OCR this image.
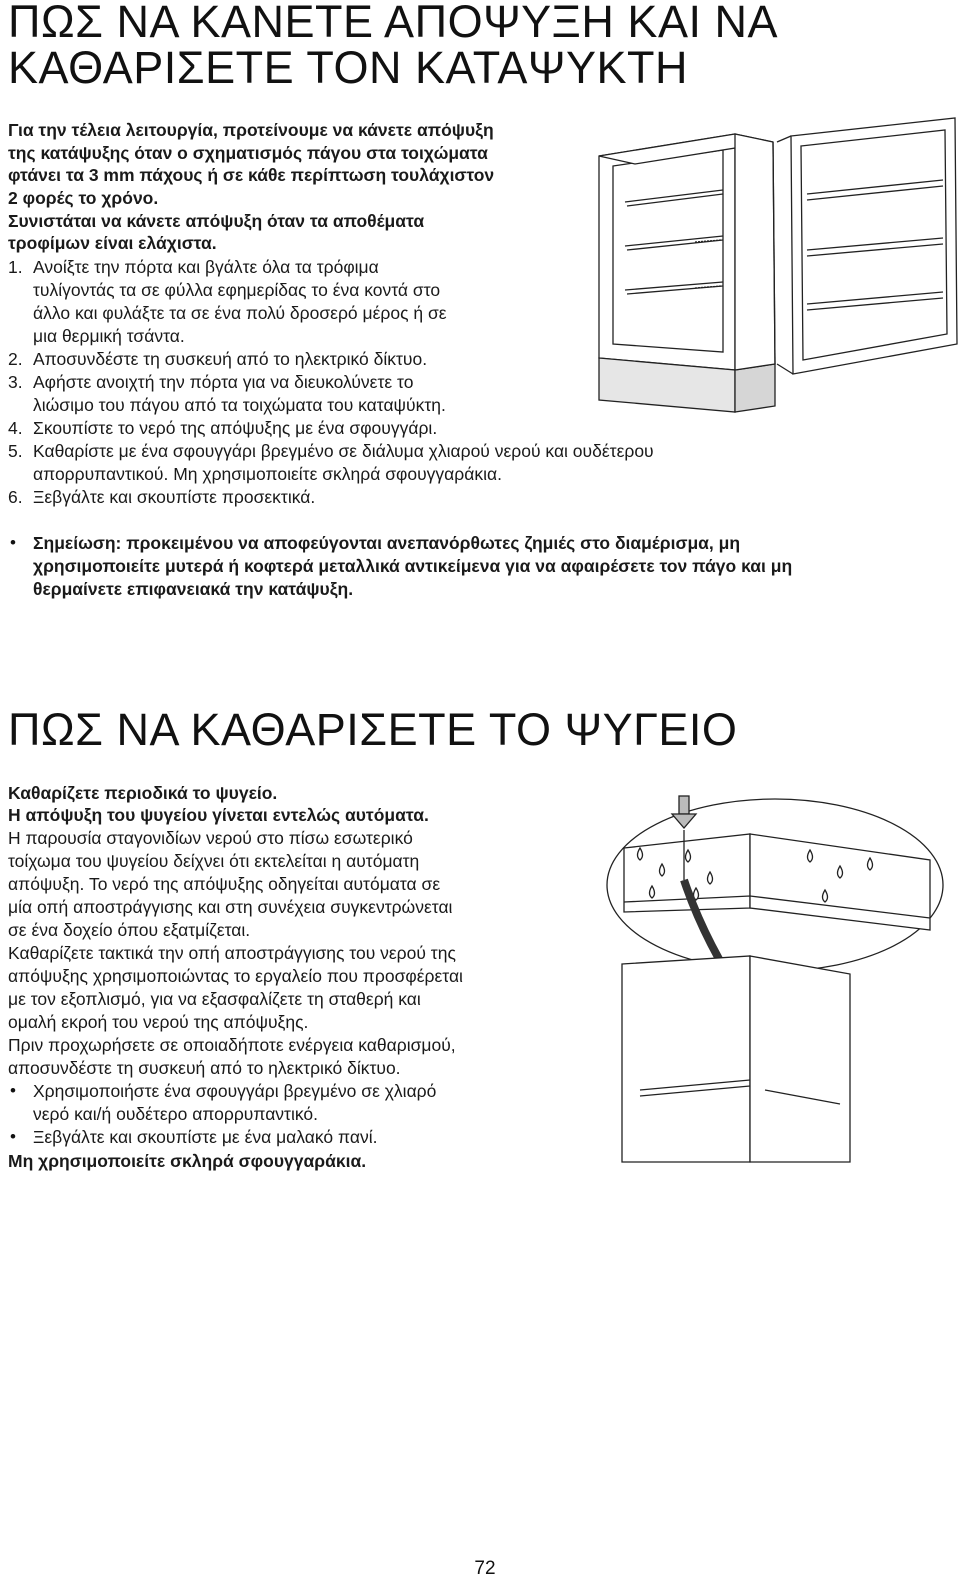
ΠΩΣ ΝΑ ΚΑΝΕΤΕ ΑΠΟΨΥΞΗ ΚΑΙ ΝΑ
ΚΑΘΑΡΙΣΕΤΕ ΤΟΝ ΚΑΤΑΨΥΚΤΗ
Για την τέλεια λειτουργία, προτείνουμε να κάνετε απόψυξη
της κατάψυξης όταν ο σχηματισμός πάγου στα τοιχώματα
φτάνει τα 3 mm πάχους ή σε κάθε περίπτωση τουλάχιστον
2 φορές το χρόνο.
Συνιστάται να κάνετε απόψυξη όταν τα αποθέματα
τροφίμων είναι ελάχιστα.
1. Ανοίξτε την πόρτα και βγάλτε όλα τα τρόφιμα
τυλίγοντάς τα σε φύλλα εφημερίδας το ένα κοντά στο
άλλο και φυλάξτε τα σε ένα πολύ δροσερό μέρος ή σε
μια θερμική τσάντα.
2. Αποσυνδέστε τη συσκευή από το ηλεκτρικό δίκτυο.
3. Αφήστε ανοιχτή την πόρτα για να διευκολύνετε το
λιώσιμο του πάγου από τα τοιχώματα του καταψύκτη.
4. Σκουπίστε το νερό της απόψυξης με ένα σφουγγάρι.
5. Καθαρίστε με ένα σφουγγάρι βρεγμένο σε διάλυμα χλιαρού νερού και ουδέτερου
απορρυπαντικού. Μη χρησιμοποιείτε σκληρά σφουγγαράκια.
6. Ξεβγάλτε και σκουπίστε προσεκτικά.
• Σημείωση: προκειμένου να αποφεύγονται ανεπανόρθωτες ζημιές στο διαμέρισμα, μη
χρησιμοποιείτε μυτερά ή κοφτερά μεταλλικά αντικείμενα για να αφαιρέσετε τον πάγο και μη
θερμαίνετε επιφανειακά την κατάψυξη.
ΠΩΣ ΝΑ ΚΑΘΑΡΙΣΕΤΕ ΤΟ ΨΥΓΕΙΟ
Καθαρίζετε περιοδικά το ψυγείο.
Η απόψυξη του ψυγείου γίνεται εντελώς αυτόματα.
Η παρουσία σταγονιδίων νερού στο πίσω εσωτερικό
τοίχωμα του ψυγείου δείχνει ότι εκτελείται η αυτόματη
απόψυξη. Το νερό της απόψυξης οδηγείται αυτόματα σε
μία οπή αποστράγγισης και στη συνέχεια συγκεντρώνεται
σε ένα δοχείο όπου εξατμίζεται.
Καθαρίζετε τακτικά την οπή αποστράγγισης του νερού της
απόψυξης χρησιμοποιώντας το εργαλείο που προσφέρεται
με τον εξοπλισμό, για να εξασφαλίζετε τη σταθερή και
ομαλή εκροή του νερού της απόψυξης.
Πριν προχωρήσετε σε οποιαδήποτε ενέργεια καθαρισμού,
αποσυνδέστε τη συσκευή από το ηλεκτρικό δίκτυο.
• Χρησιμοποιήστε ένα σφουγγάρι βρεγμένο σε χλιαρό
νερό και/ή ουδέτερο απορρυπαντικό.
• Ξεβγάλτε και σκουπίστε με ένα μαλακό πανί.
Μη χρησιμοποιείτε σκληρά σφουγγαράκια.
72
